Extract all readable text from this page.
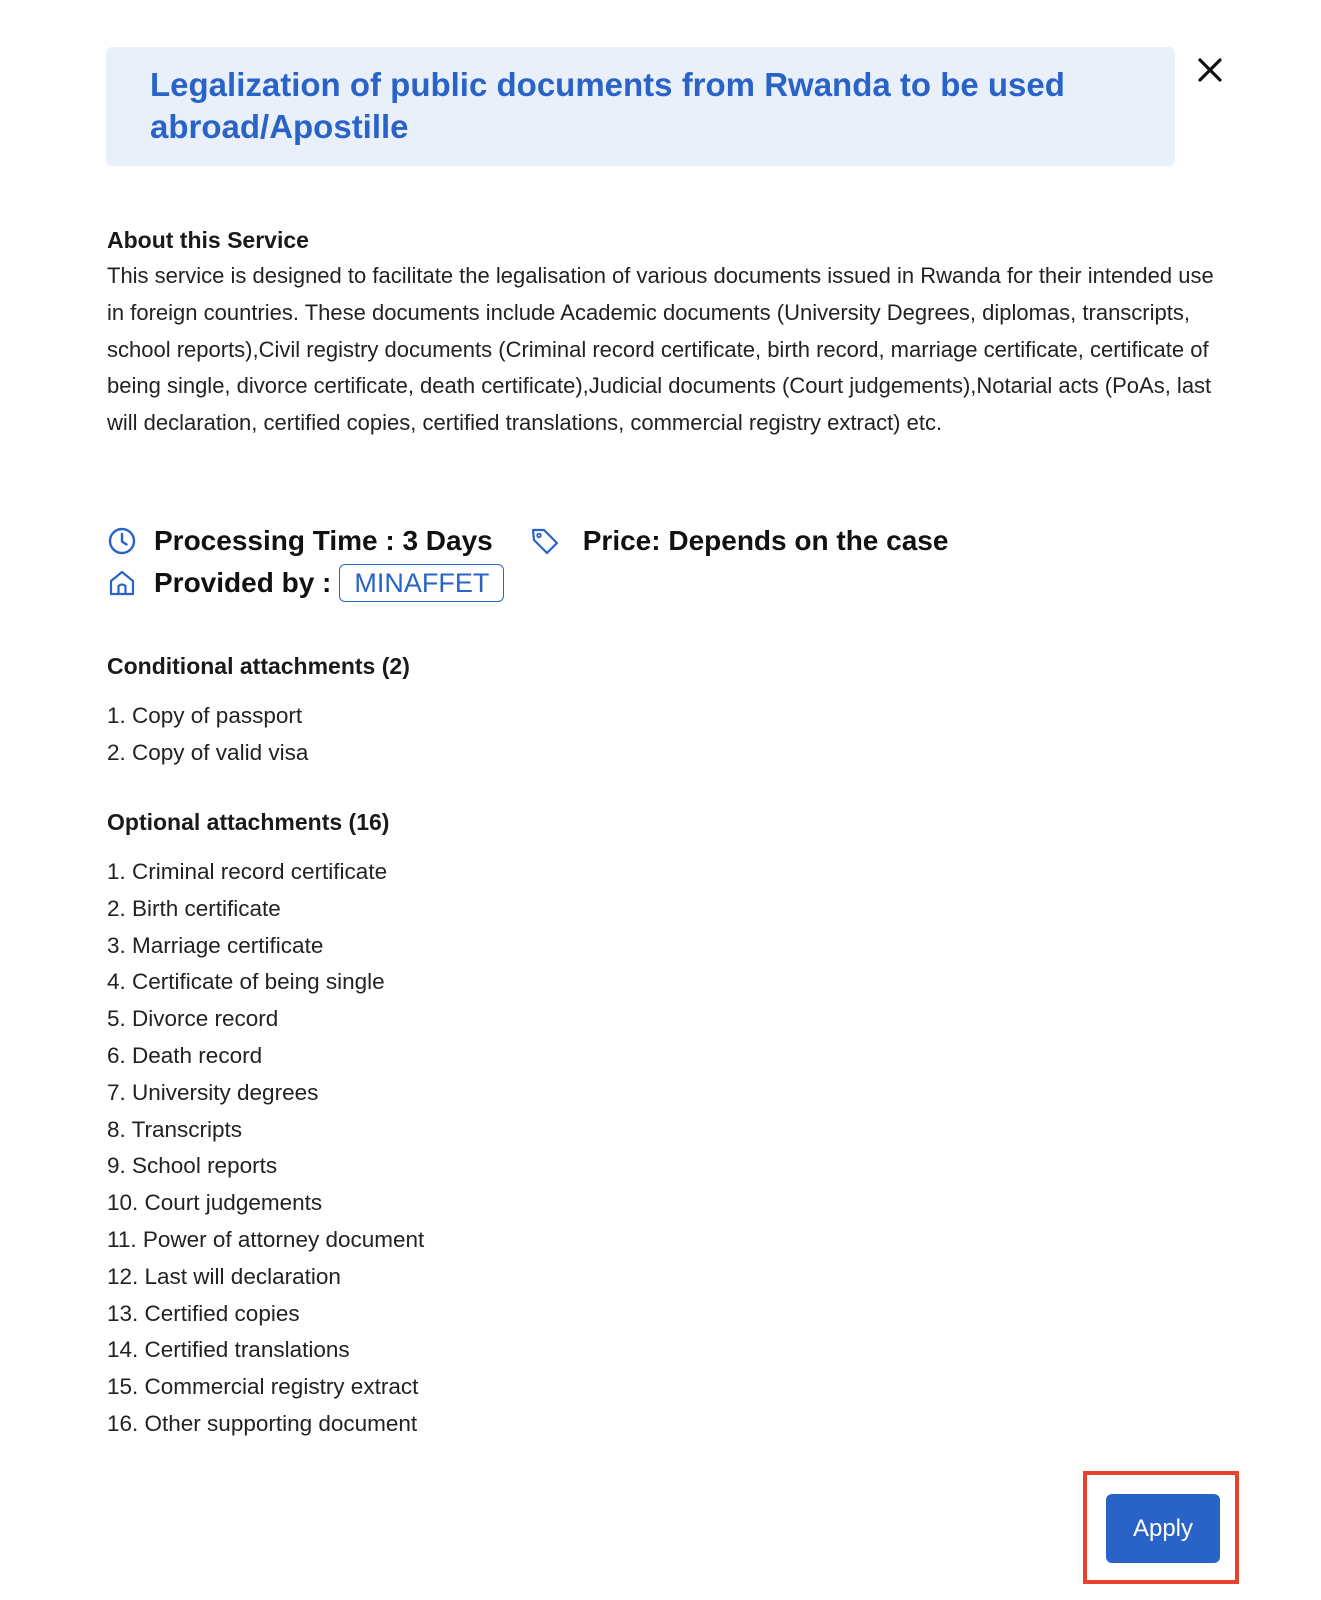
Legalization of public documents from Rwanda to be used abroad/Apostille
About this Service
This service is designed to facilitate the legalisation of various documents issued in Rwanda for their intended use in foreign countries. These documents include Academic documents (University Degrees, diplomas, transcripts, school reports),Civil registry documents (Criminal record certificate, birth record, marriage certificate, certificate of being single, divorce certificate, death certificate),Judicial documents (Court judgements),Notarial acts (PoAs, last will declaration, certified copies, certified translations, commercial registry extract) etc.
Processing Time : 3 Days	Price: Depends on the case
Provided by : MINAFFET
Conditional attachments (2)
1. Copy of passport
2. Copy of valid visa
Optional attachments (16)
1. Criminal record certificate
2. Birth certificate
3. Marriage certificate
4. Certificate of being single
5. Divorce record
6. Death record
7. University degrees
8. Transcripts
9. School reports
10. Court judgements
11. Power of attorney document
12. Last will declaration
13. Certified copies
14. Certified translations
15. Commercial registry extract
16. Other supporting document
Apply
